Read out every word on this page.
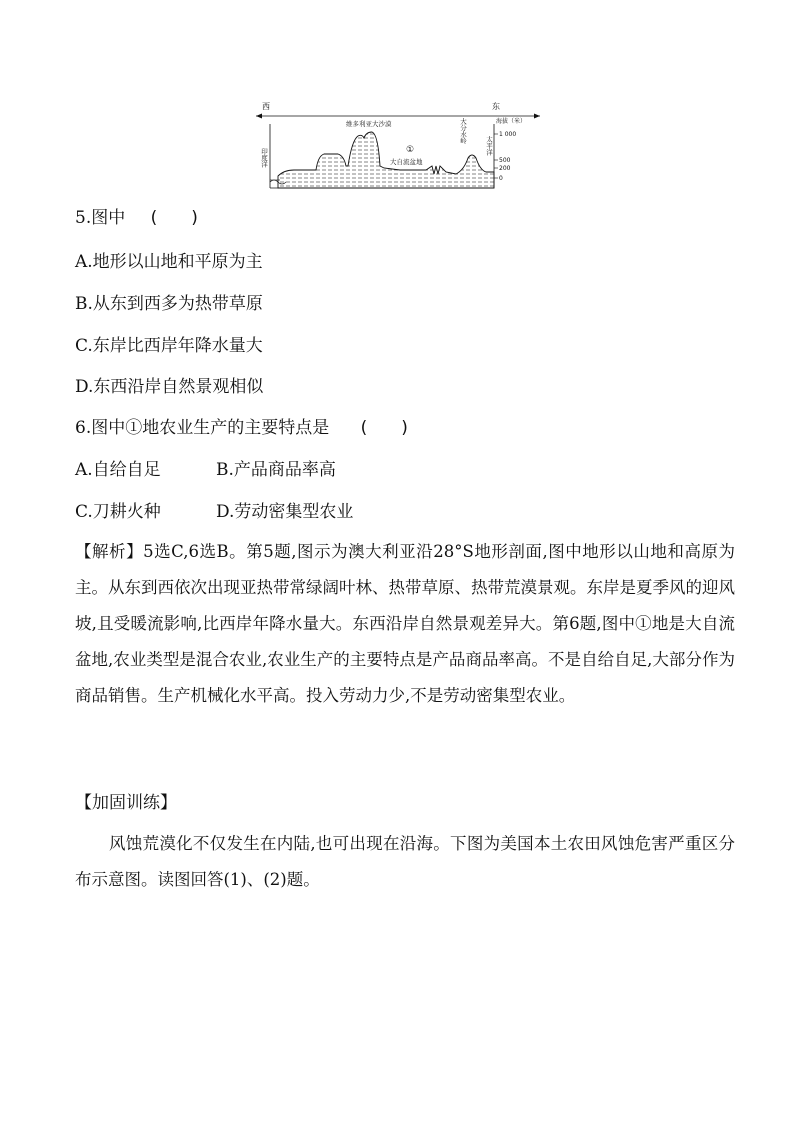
西	东
海拔（米）
1 000
500
200
0
印度洋
维多利亚大沙漠
①
大自流盆地
大分水岭
太平洋
5.图中 (　　)
A.地形以山地和平原为主
B.从东到西多为热带草原
C.东岸比西岸年降水量大
D.东西沿岸自然景观相似
6.图中①地农业生产的主要特点是 (　　)
A.自给自足	B.产品商品率高
C.刀耕火种	D.劳动密集型农业
【解析】5选C,6选B。第5题,图示为澳大利亚沿28°S地形剖面,图中地形以山地和高原为主。从东到西依次出现亚热带常绿阔叶林、热带草原、热带荒漠景观。东岸是夏季风的迎风坡,且受暖流影响,比西岸年降水量大。东西沿岸自然景观差异大。第6题,图中①地是大自流盆地,农业类型是混合农业,农业生产的主要特点是产品商品率高。不是自给自足,大部分作为商品销售。生产机械化水平高。投入劳动力少,不是劳动密集型农业。
【加固训练】
风蚀荒漠化不仅发生在内陆,也可出现在沿海。下图为美国本土农田风蚀危害严重区分布示意图。读图回答(1)、(2)题。
